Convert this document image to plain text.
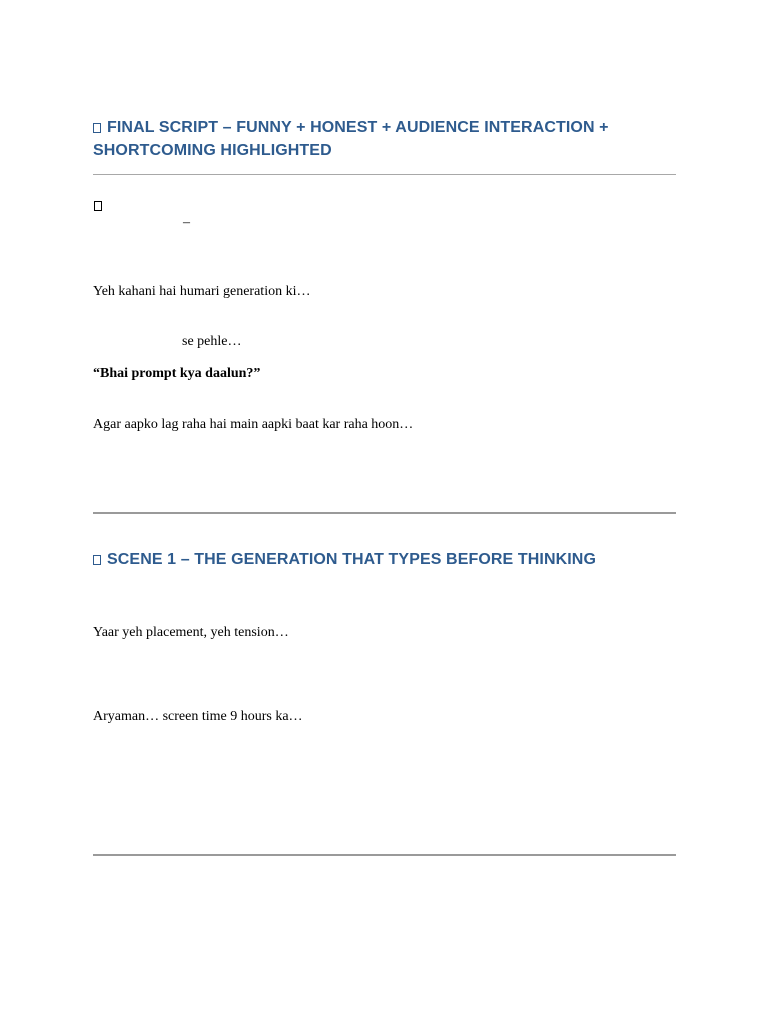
FINAL SCRIPT – FUNNY + HONEST + AUDIENCE INTERACTION +
SHORTCOMING HIGHLIGHTED
–
Yeh kahani hai humari generation ki…
se pehle…
“Bhai prompt kya daalun?”
Agar aapko lag raha hai main aapki baat kar raha hoon…
SCENE 1 – THE GENERATION THAT TYPES BEFORE THINKING
Yaar yeh placement, yeh tension…
Aryaman… screen time 9 hours ka…
